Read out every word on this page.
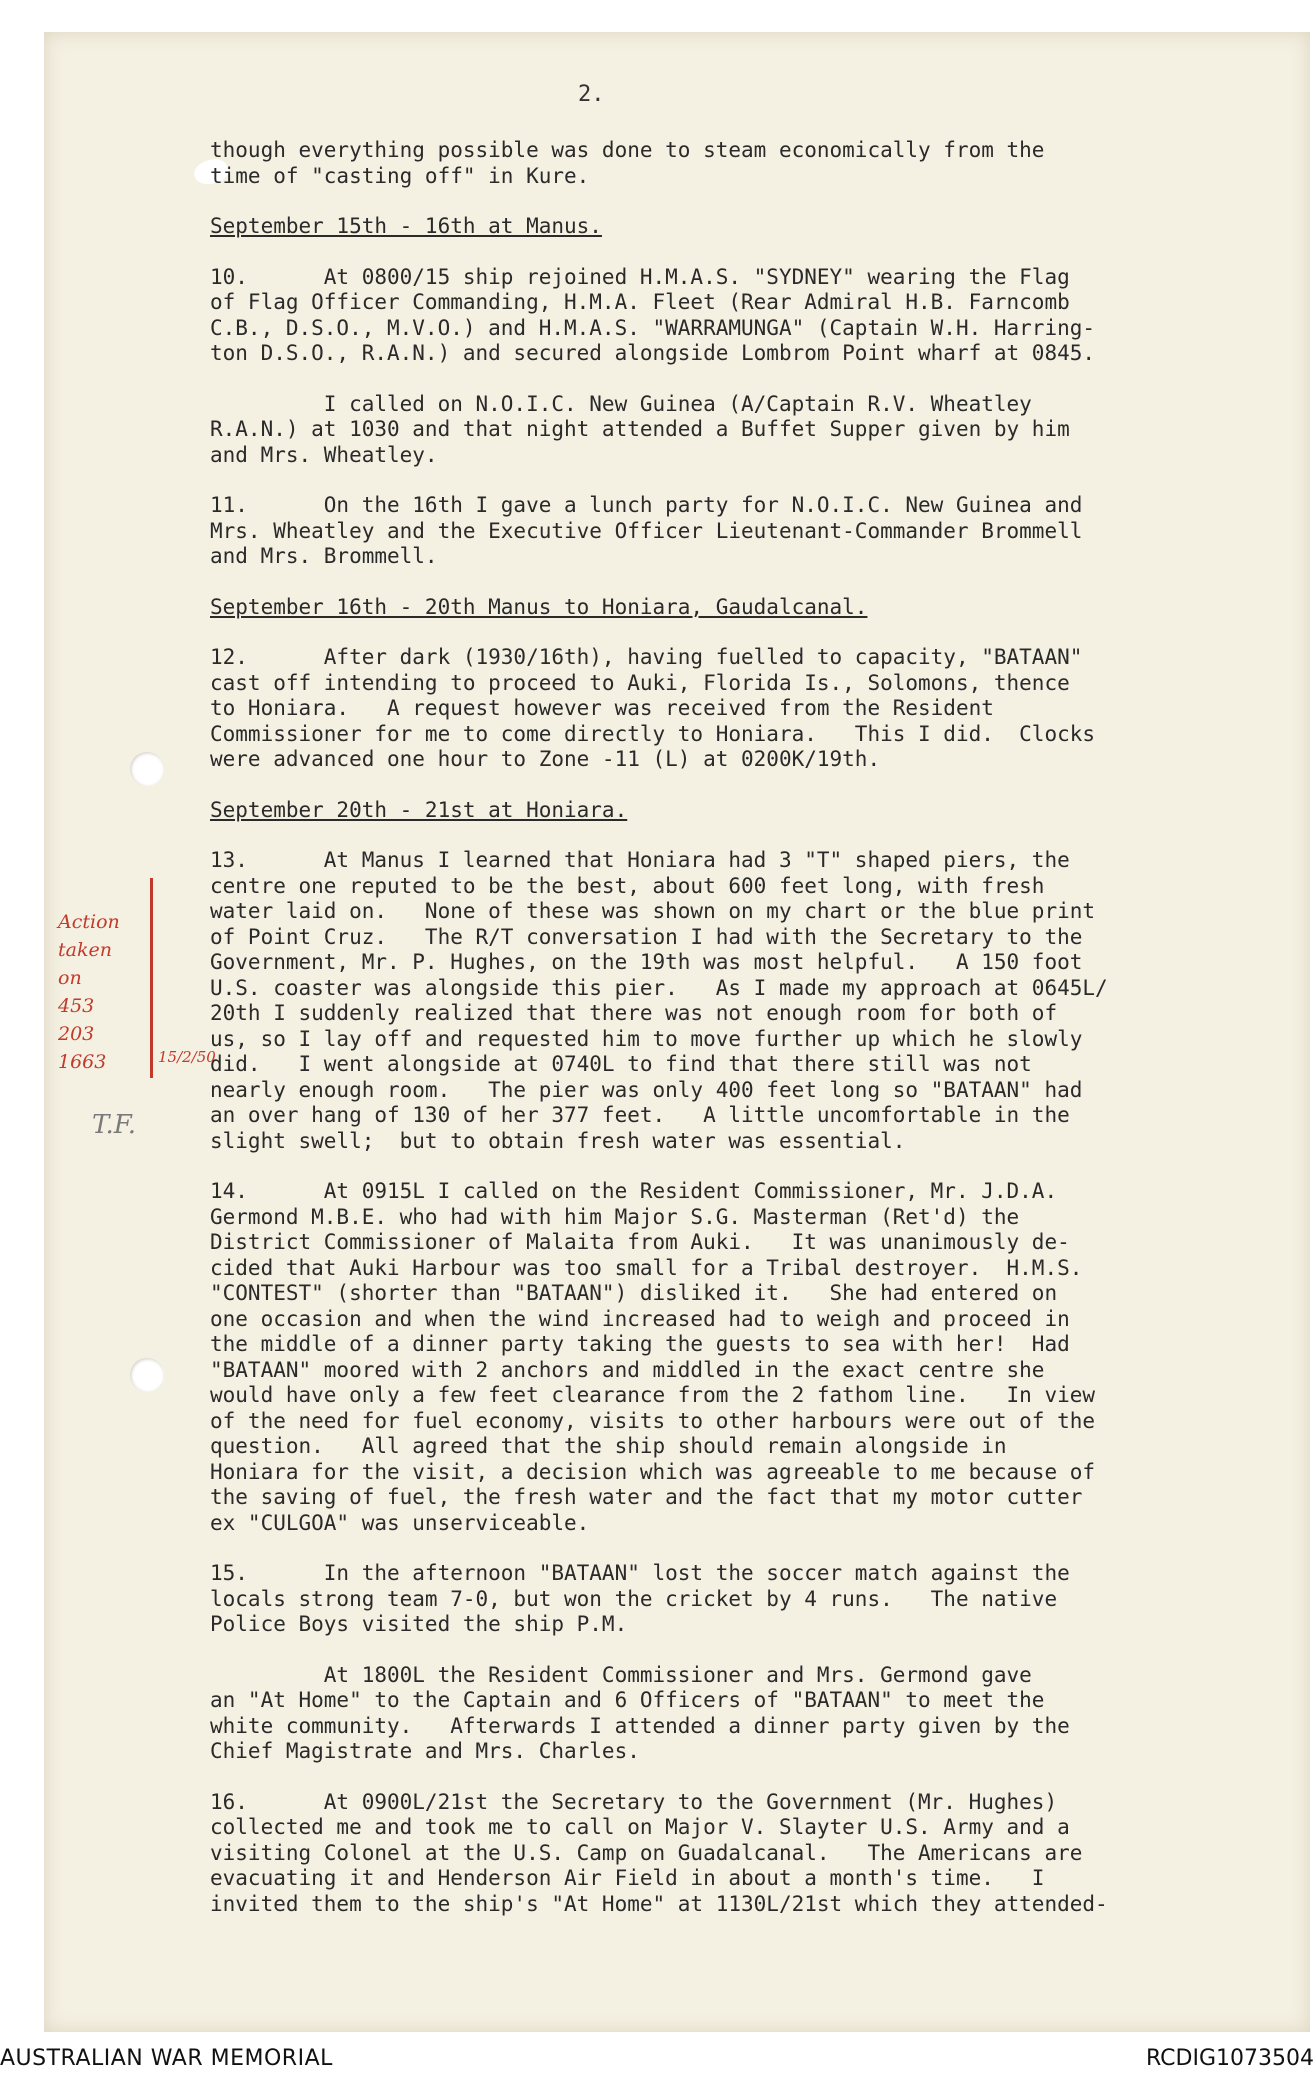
2.

though everything possible was done to steam economically from the

time of "casting off" in Kure.

September 15th - 16th at Manus.

10.      At 0800/15 ship rejoined H.M.A.S. "SYDNEY" wearing the Flag

of Flag Officer Commanding, H.M.A. Fleet (Rear Admiral H.B. Farncomb

C.B., D.S.O., M.V.O.) and H.M.A.S. "WARRAMUNGA" (Captain W.H. Harring-

ton D.S.O., R.A.N.) and secured alongside Lombrom Point wharf at 0845.

I called on N.O.I.C. New Guinea (A/Captain R.V. Wheatley

R.A.N.) at 1030 and that night attended a Buffet Supper given by him

and Mrs. Wheatley.

11.      On the 16th I gave a lunch party for N.O.I.C. New Guinea and

Mrs. Wheatley and the Executive Officer Lieutenant-Commander Brommell

and Mrs. Brommell.

September 16th - 20th Manus to Honiara, Gaudalcanal.

12.      After dark (1930/16th), having fuelled to capacity, "BATAAN"

cast off intending to proceed to Auki, Florida Is., Solomons, thence

to Honiara.   A request however was received from the Resident

Commissioner for me to come directly to Honiara.   This I did.  Clocks

were advanced one hour to Zone -11 (L) at 0200K/19th.

September 20th - 21st at Honiara.

13.      At Manus I learned that Honiara had 3 "T" shaped piers, the

centre one reputed to be the best, about 600 feet long, with fresh

water laid on.   None of these was shown on my chart or the blue print

of Point Cruz.   The R/T conversation I had with the Secretary to the

Government, Mr. P. Hughes, on the 19th was most helpful.   A 150 foot

U.S. coaster was alongside this pier.   As I made my approach at 0645L/

20th I suddenly realized that there was not enough room for both of

us, so I lay off and requested him to move further up which he slowly

did.   I went alongside at 0740L to find that there still was not

nearly enough room.   The pier was only 400 feet long so "BATAAN" had

an over hang of 130 of her 377 feet.   A little uncomfortable in the

slight swell;  but to obtain fresh water was essential.

14.      At 0915L I called on the Resident Commissioner, Mr. J.D.A.

Germond M.B.E. who had with him Major S.G. Masterman (Ret'd) the

District Commissioner of Malaita from Auki.   It was unanimously de-

cided that Auki Harbour was too small for a Tribal destroyer.  H.M.S.

"CONTEST" (shorter than "BATAAN") disliked it.   She had entered on

one occasion and when the wind increased had to weigh and proceed in

the middle of a dinner party taking the guests to sea with her!  Had

"BATAAN" moored with 2 anchors and middled in the exact centre she

would have only a few feet clearance from the 2 fathom line.   In view

of the need for fuel economy, visits to other harbours were out of the

question.   All agreed that the ship should remain alongside in

Honiara for the visit, a decision which was agreeable to me because of

the saving of fuel, the fresh water and the fact that my motor cutter

ex "CULGOA" was unserviceable.

15.      In the afternoon "BATAAN" lost the soccer match against the

locals strong team 7-0, but won the cricket by 4 runs.   The native

Police Boys visited the ship P.M.

At 1800L the Resident Commissioner and Mrs. Germond gave

an "At Home" to the Captain and 6 Officers of "BATAAN" to meet the

white community.   Afterwards I attended a dinner party given by the

Chief Magistrate and Mrs. Charles.

16.      At 0900L/21st the Secretary to the Government (Mr. Hughes)

collected me and took me to call on Major V. Slayter U.S. Army and a

visiting Colonel at the U.S. Camp on Guadalcanal.   The Americans are

evacuating it and Henderson Air Field in about a month's time.   I

invited them to the ship's "At Home" at 1130L/21st which they attended-

Action
taken
on
453
203
1663	15/2/50
T.F.
AUSTRALIAN WAR MEMORIAL	RCDIG1073504
